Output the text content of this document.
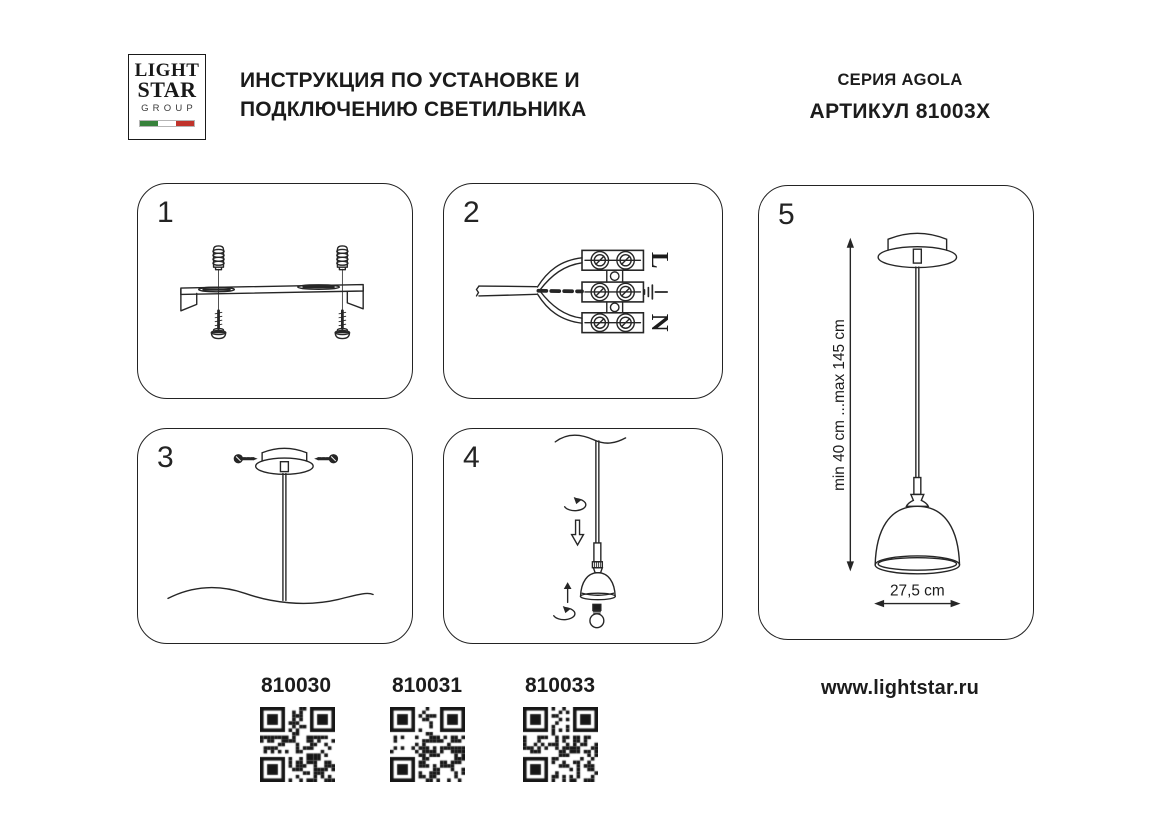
LIGHT
STAR
GROUP
ИНСТРУКЦИЯ ПО УСТАНОВКЕ И
ПОДКЛЮЧЕНИЮ СВЕТИЛЬНИКА
СЕРИЯ AGOLA
АРТИКУЛ 81003X
1	2
L
N
3	4
5
min 40 cm ...max 145 cm
27,5 cm
810030	810031	810033	www.lightstar.ru
